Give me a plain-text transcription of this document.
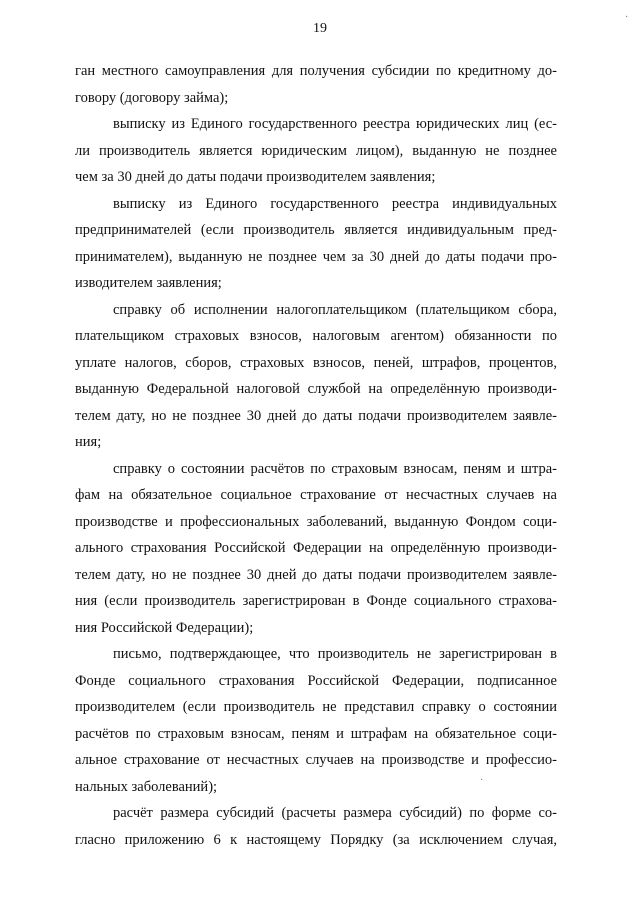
19
ган местного самоуправления для получения субсидии по кредитному до-
говору (договору займа);
выписку из Единого государственного реестра юридических лиц (ес-
ли производитель является юридическим лицом), выданную не позднее
чем за 30 дней до даты подачи производителем заявления;
выписку из Единого государственного реестра индивидуальных
предпринимателей (если производитель является индивидуальным пред-
принимателем), выданную не позднее чем за 30 дней до даты подачи про-
изводителем заявления;
справку об исполнении налогоплательщиком (плательщиком сбора,
плательщиком страховых взносов, налоговым агентом) обязанности по
уплате налогов, сборов, страховых взносов, пеней, штрафов, процентов,
выданную Федеральной налоговой службой на определённую производи-
телем дату, но не позднее 30 дней до даты подачи производителем заявле-
ния;
справку о состоянии расчётов по страховым взносам, пеням и штра-
фам на обязательное социальное страхование от несчастных случаев на
производстве и профессиональных заболеваний, выданную Фондом соци-
ального страхования Российской Федерации на определённую производи-
телем дату, но не позднее 30 дней до даты подачи производителем заявле-
ния (если производитель зарегистрирован в Фонде социального страхова-
ния Российской Федерации);
письмо, подтверждающее, что производитель не зарегистрирован в
Фонде социального страхования Российской Федерации, подписанное
производителем (если производитель не представил справку о состоянии
расчётов по страховым взносам, пеням и штрафам на обязательное соци-
альное страхование от несчастных случаев на производстве и профессио-
нальных заболеваний);
расчёт размера субсидий (расчеты размера субсидий) по форме со-
гласно приложению 6 к настоящему Порядку (за исключением случая,
·
·
